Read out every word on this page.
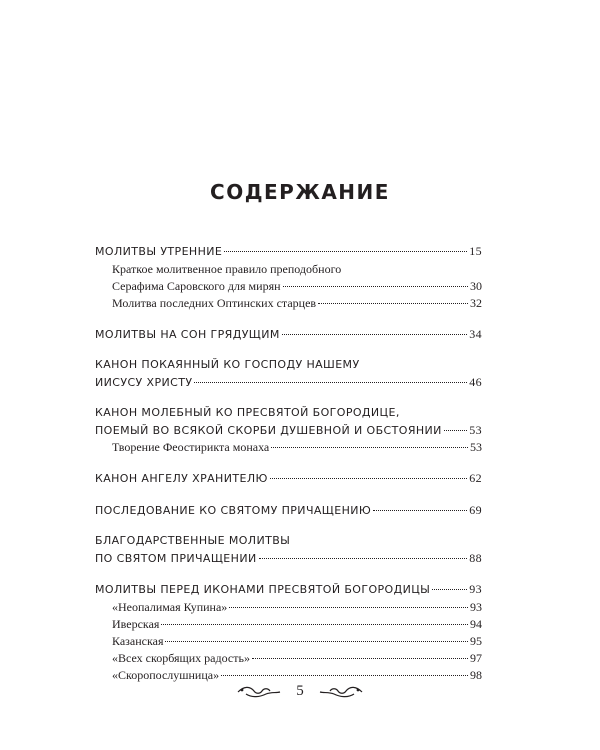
СОДЕРЖАНИЕ
МОЛИТВЫ УТРЕННИЕ	15
Краткое молитвенное правило преподобного
Серафима Саровского для мирян	30
Молитва последних Оптинских старцев	32
МОЛИТВЫ НА СОН ГРЯДУЩИМ	34
КАНОН ПОКАЯННЫЙ КО ГОСПОДУ НАШЕМУ
ИИСУСУ ХРИСТУ	46
КАНОН МОЛЕБНЫЙ КО ПРЕСВЯТОЙ БОГОРОДИЦЕ,
ПОЕМЫЙ ВО ВСЯКОЙ СКОРБИ ДУШЕВНОЙ И ОБСТОЯНИИ 53
Творение Феостирикта монаха	53
КАНОН АНГЕЛУ ХРАНИТЕЛЮ	62
ПОСЛЕДОВАНИЕ КО СВЯТОМУ ПРИЧАЩЕНИЮ	69
БЛАГОДАРСТВЕННЫЕ МОЛИТВЫ
ПО СВЯТОМ ПРИЧАЩЕНИИ	88
МОЛИТВЫ ПЕРЕД ИКОНАМИ ПРЕСВЯТОЙ БОГОРОДИЦЫ	93
«Неопалимая Купина»	93
Иверская	94
Казанская	95
«Всех скорбящих радость»	97
«Скоропослушница»	98
5
